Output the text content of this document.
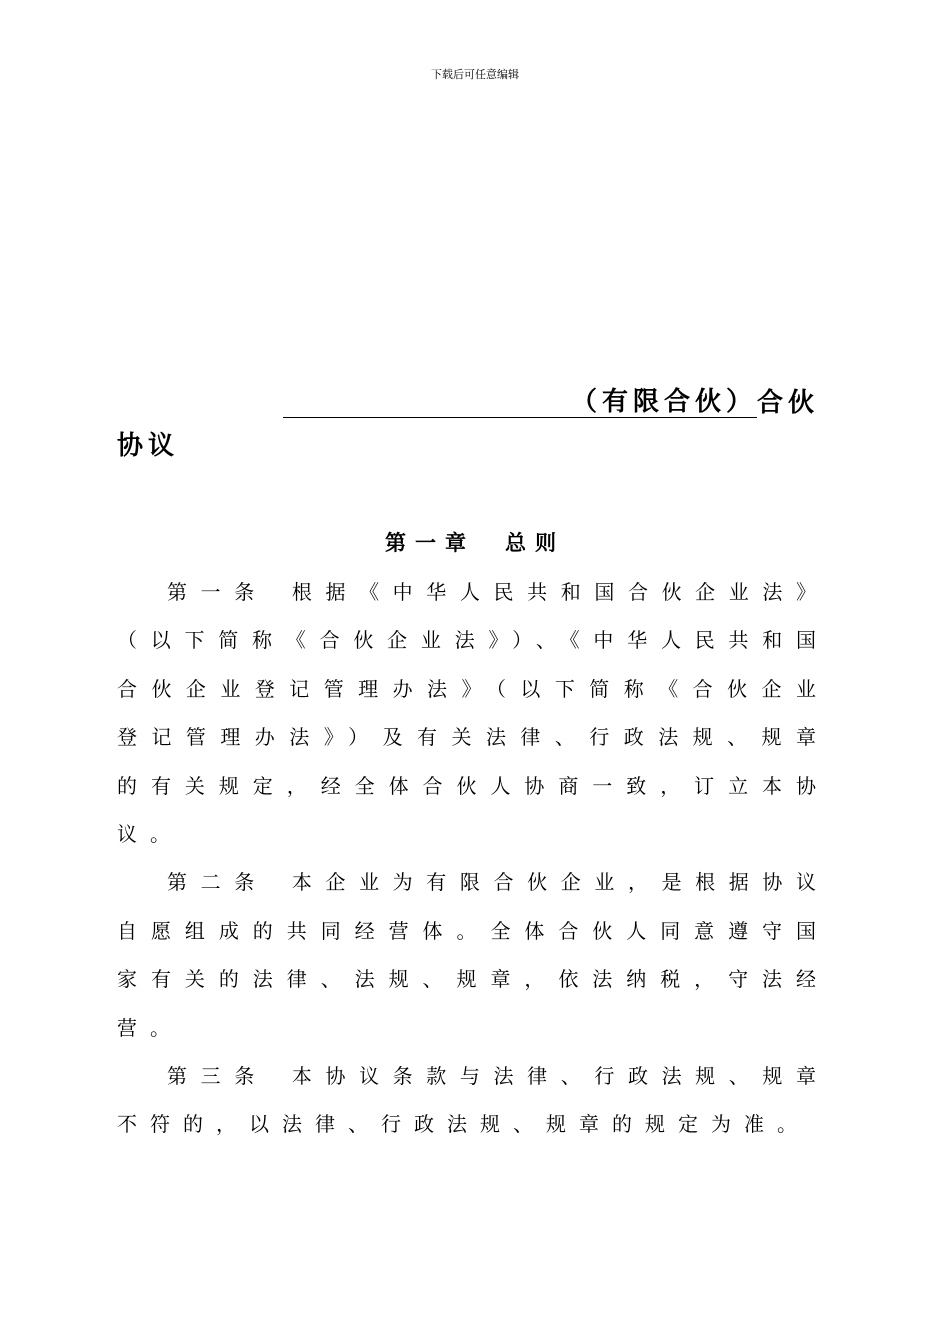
下载后可任意编辑
（有限合伙） 合伙
协议
第一章　总则

第一条 根据《中华人民共和国合伙企业法》（以下简称《合伙企业法》）、《中华人民共和国合伙企业登记管理办法》（以下简称《合伙企业登记管理办法》）及有关法律、行政法规、规章的有关规定，经全体合伙人协商一致，订立本协议。

第二条 本企业为有限合伙企业，是根据协议自愿组成的共同经营体。全体合伙人同意遵守国家有关的法律、法规、规章，依法纳税，守法经营。

第三条 本协议条款与法律、行政法规、规章不符的，以法律、行政法规、规章的规定为准。
